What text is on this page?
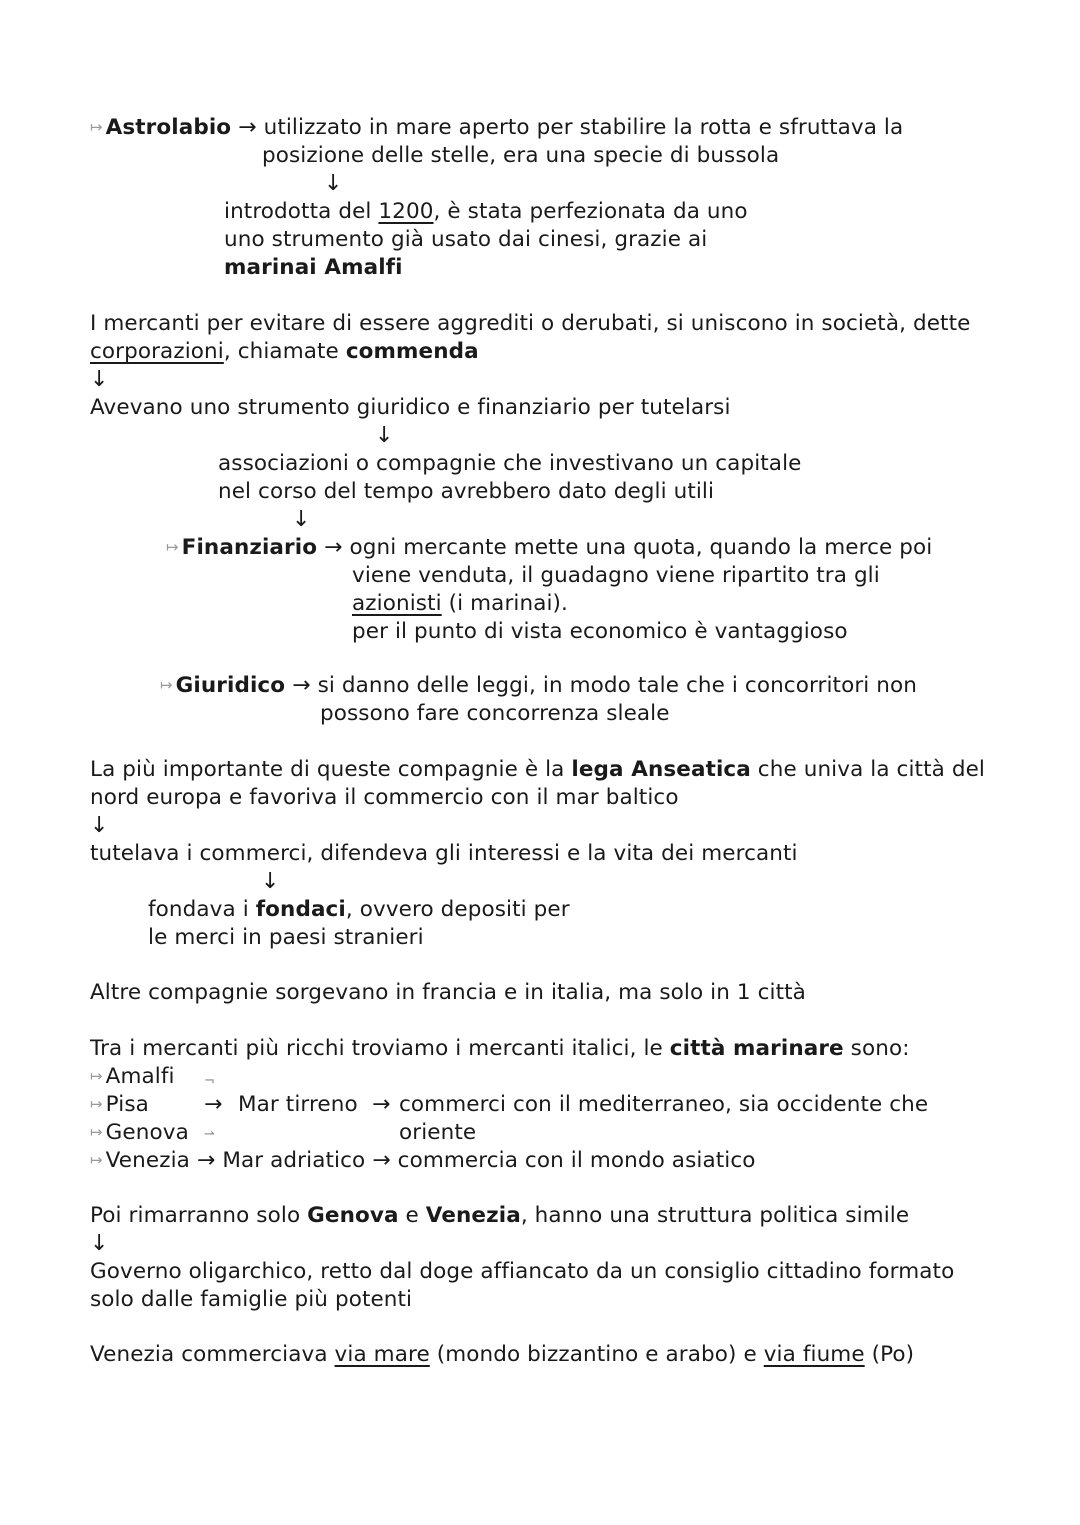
↦ Astrolabio → utilizzato in mare aperto per stabilire la rotta e sfruttava la
posizione delle stelle, era una specie di bussola
↓
introdotta del 1200, è stata perfezionata da uno
uno strumento già usato dai cinesi, grazie ai
marinai Amalfi
I mercanti per evitare di essere aggrediti o derubati, si uniscono in società, dette
corporazioni, chiamate commenda
↓
Avevano uno strumento giuridico e finanziario per tutelarsi
↓
associazioni o compagnie che investivano un capitale
nel corso del tempo avrebbero dato degli utili
↓
↦ Finanziario → ogni mercante mette una quota, quando la merce poi
viene venduta, il guadagno viene ripartito tra gli
azionisti (i marinai).
per il punto di vista economico è vantaggioso
↦ Giuridico → si danno delle leggi, in modo tale che i concorritori non
possono fare concorrenza sleale
La più importante di queste compagnie è la lega Anseatica che univa la città del
nord europa e favoriva il commercio con il mar baltico
↓
tutelava i commerci, difendeva gli interessi e la vita dei mercanti
↓
fondava i fondaci, ovvero depositi per
le merci in paesi stranieri
Altre compagnie sorgevano in francia e in italia, ma solo in 1 città
Tra i mercanti più ricchi troviamo i mercanti italici, le città marinare sono:
↦ Amalfi ¬
↦ Pisa	→ Mar tirreno → commerci con il mediterraneo, sia occidente che
↦ Genova ⇀	oriente
↦ Venezia → Mar adriatico → commercia con il mondo asiatico
Poi rimarranno solo Genova e Venezia, hanno una struttura politica simile
↓
Governo oligarchico, retto dal doge affiancato da un consiglio cittadino formato
solo dalle famiglie più potenti
Venezia commerciava via mare (mondo bizzantino e arabo) e via fiume (Po)
